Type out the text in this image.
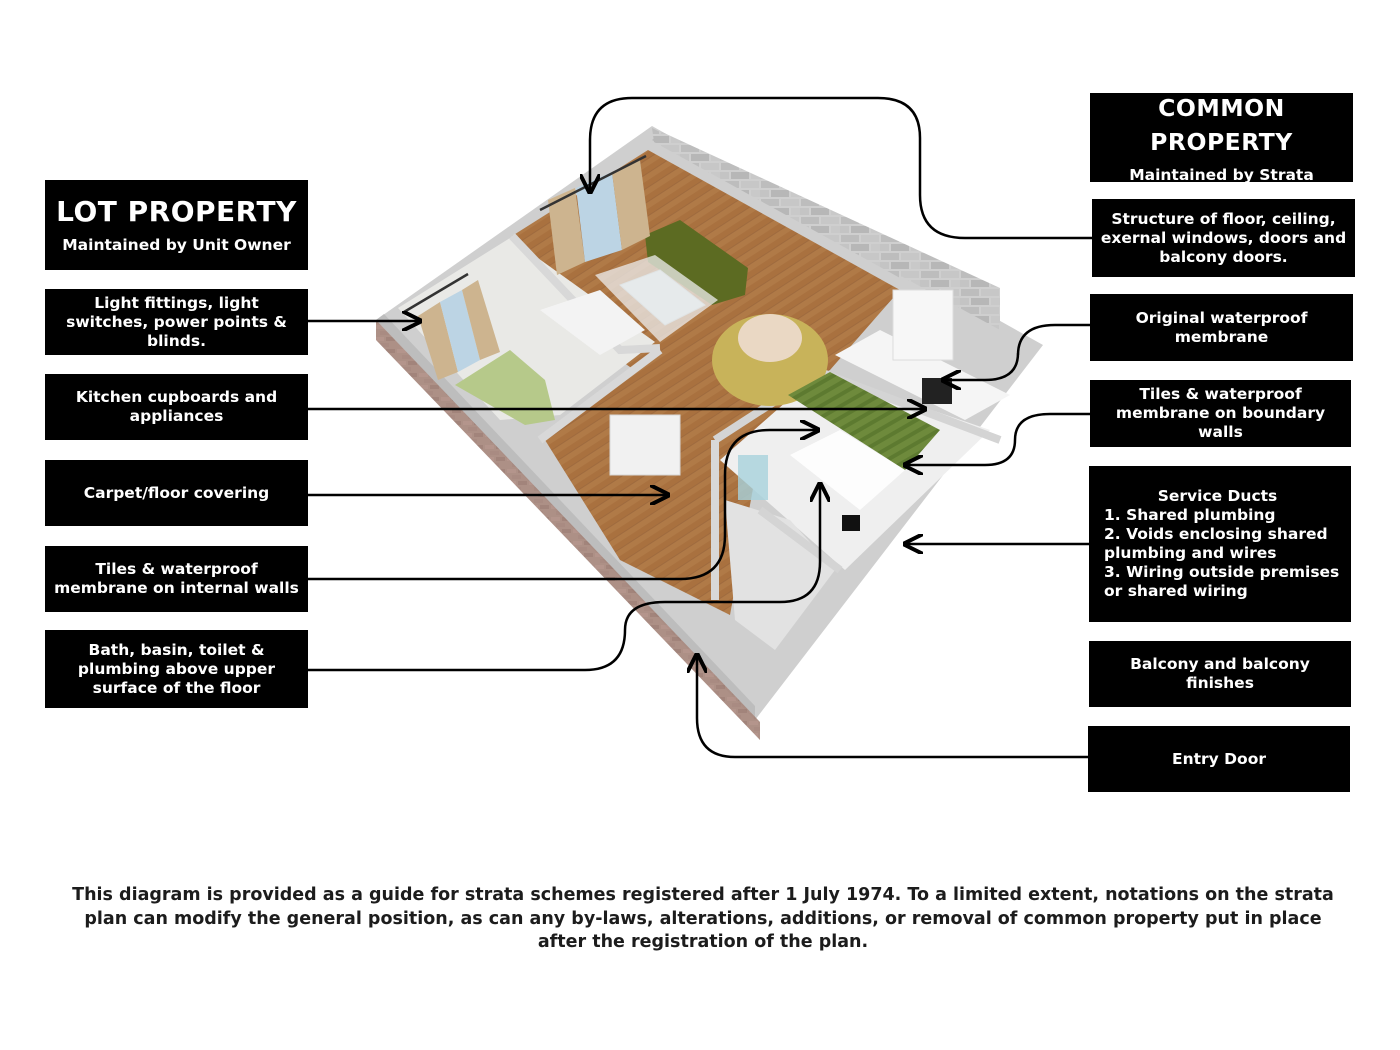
LOT PROPERTY
Maintained by Unit Owner
Light fittings, light switches, power points & blinds.
Kitchen cupboards and appliances
Carpet/floor covering
Tiles & waterproof membrane on internal walls
Bath, basin, toilet & plumbing above upper surface of the floor
COMMON PROPERTY
Maintained by Strata
Structure of floor, ceiling, exernal windows, doors and balcony doors.
Original waterproof membrane
Tiles & waterproof membrane on boundary walls
Service Ducts
1. Shared plumbing
2. Voids enclosing shared plumbing and wires
3. Wiring outside premises or shared wiring
Balcony and balcony finishes
Entry Door
This diagram is provided as a guide for strata schemes registered after 1 July 1974. To a limited extent, notations on the strata plan can modify the general position, as can any by-laws, alterations, additions, or removal of common property put in place after the registration of the plan.
